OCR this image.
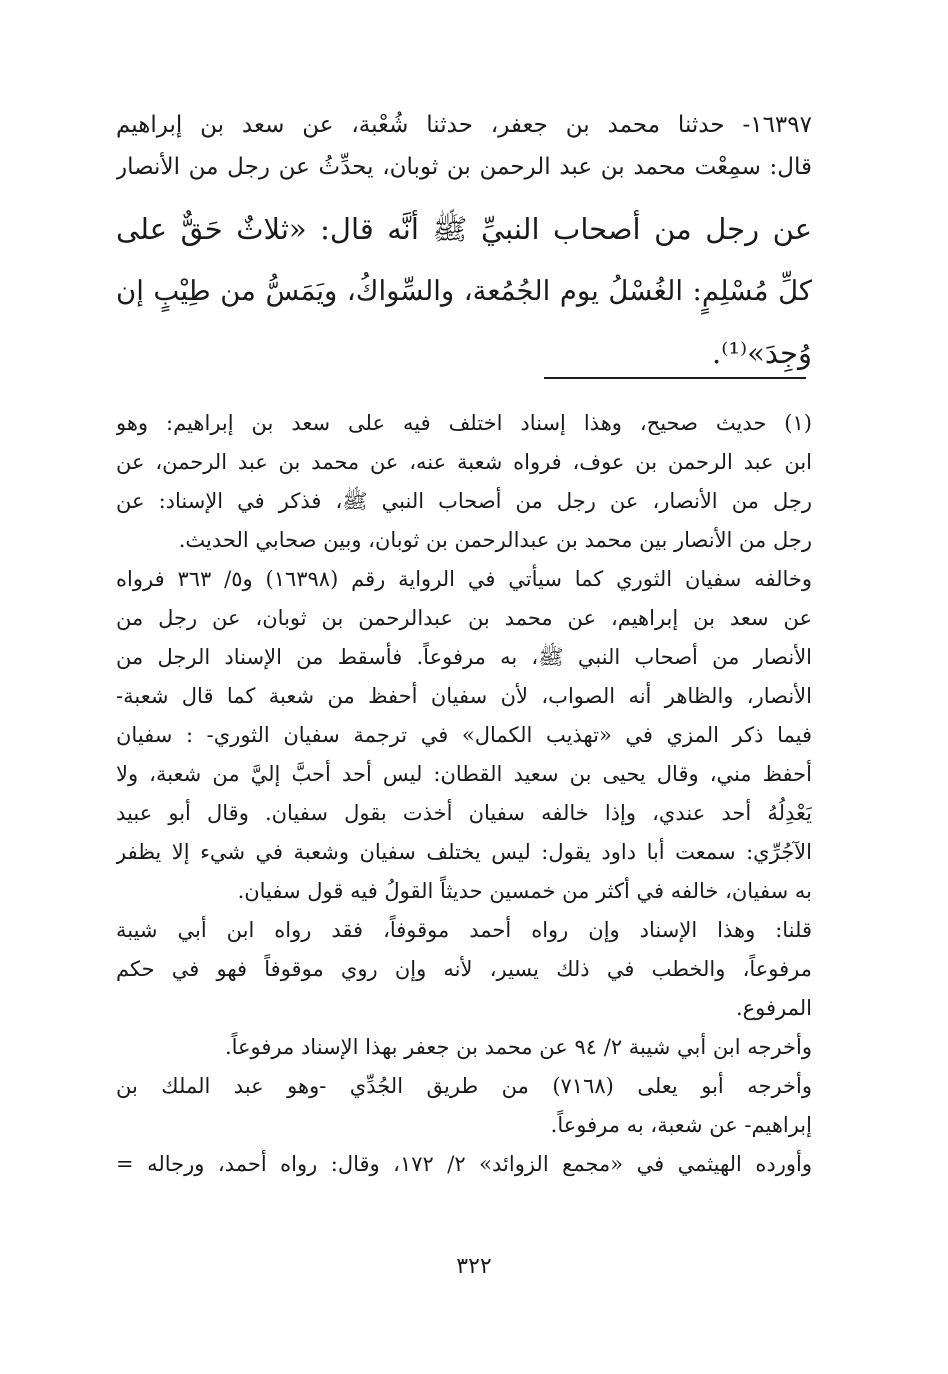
١٦٣٩٧- حدثنا محمد بن جعفر، حدثنا شُعْبة، عن سعد بن إبراهيم
قال: سمِعْت محمد بن عبد الرحمن بن ثوبان، يحدِّثُ عن رجل من الأنصار
عن رجل من أصحاب النبيِّ ﷺ أنَّه قال: «ثلاثٌ حَقٌّ على
كلِّ مُسْلِمٍ: الغُسْلُ يوم الجُمُعة، والسِّواكُ، ويَمَسُّ من طِيْبٍ إن
وُجِدَ»⁽¹⁾.
(١) حديث صحيح، وهذا إسناد اختلف فيه على سعد بن إبراهيم: وهو
ابن عبد الرحمن بن عوف، فرواه شعبة عنه، عن محمد بن عبد الرحمن، عن
رجل من الأنصار، عن رجل من أصحاب النبي ﷺ، فذكر في الإسناد: عن
رجل من الأنصار بين محمد بن عبدالرحمن بن ثوبان، وبين صحابي الحديث.
وخالفه سفيان الثوري كما سيأتي في الرواية رقم (١٦٣٩٨) و٥/ ٣٦٣ فرواه
عن سعد بن إبراهيم، عن محمد بن عبدالرحمن بن ثوبان، عن رجل من
الأنصار من أصحاب النبي ﷺ، به مرفوعاً. فأسقط من الإسناد الرجل من
الأنصار، والظاهر أنه الصواب، لأن سفيان أحفظ من شعبة كما قال شعبة-
فيما ذكر المزي في «تهذيب الكمال» في ترجمة سفيان الثوري- : سفيان
أحفظ مني، وقال يحيى بن سعيد القطان: ليس أحد أحبَّ إليَّ من شعبة، ولا
يَعْدِلُهُ أحد عندي، وإذا خالفه سفيان أخذت بقول سفيان. وقال أبو عبيد
الآجُرِّي: سمعت أبا داود يقول: ليس يختلف سفيان وشعبة في شيء إلا يظفر
به سفيان، خالفه في أكثر من خمسين حديثاً القولُ فيه قول سفيان.
قلنا: وهذا الإسناد وإن رواه أحمد موقوفاً، فقد رواه ابن أبي شيبة
مرفوعاً، والخطب في ذلك يسير، لأنه وإن روي موقوفاً فهو في حكم
المرفوع.
وأخرجه ابن أبي شيبة ٢/ ٩٤ عن محمد بن جعفر بهذا الإسناد مرفوعاً.
وأخرجه أبو يعلى (٧١٦٨) من طريق الجُدِّي -وهو عبد الملك بن
إبراهيم- عن شعبة، به مرفوعاً.
وأورده الهيثمي في «مجمع الزوائد» ٢/ ١٧٢، وقال: رواه أحمد، ورجاله =
٣٢٢
